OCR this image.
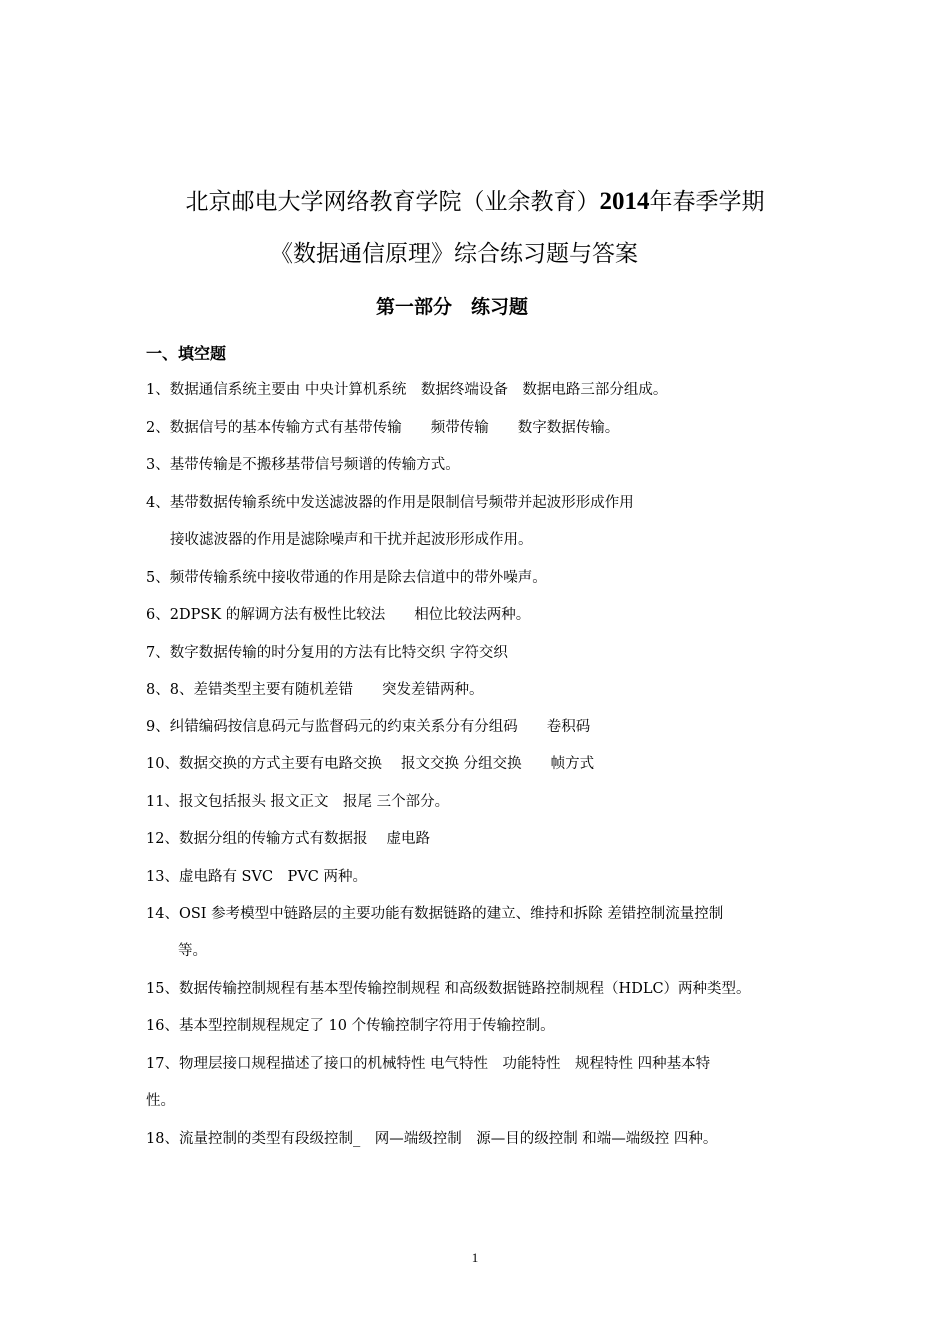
北京邮电大学网络教育学院（业余教育）2014年春季学期
《数据通信原理》综合练习题与答案
第一部分　练习题
一、填空题
1、数据通信系统主要由 中央计算机系统　数据终端设备　数据电路三部分组成。
2、数据信号的基本传输方式有基带传输　　频带传输　　数字数据传输。
3、基带传输是不搬移基带信号频谱的传输方式。
4、基带数据传输系统中发送滤波器的作用是限制信号频带并起波形形成作用
接收滤波器的作用是滤除噪声和干扰并起波形形成作用。
5、频带传输系统中接收带通的作用是除去信道中的带外噪声。
6、2DPSK 的解调方法有极性比较法　　相位比较法两种。
7、数字数据传输的时分复用的方法有比特交织 字符交织
8、8、差错类型主要有随机差错　　突发差错两种。
9、纠错编码按信息码元与监督码元的约束关系分有分组码　　卷积码
10、数据交换的方式主要有电路交换　 报文交换 分组交换　　帧方式
11、报文包括报头 报文正文　报尾 三个部分。
12、数据分组的传输方式有数据报　 虚电路
13、虚电路有 SVC　PVC 两种。
14、OSI 参考模型中链路层的主要功能有数据链路的建立、维持和拆除 差错控制流量控制
等。
15、数据传输控制规程有基本型传输控制规程 和高级数据链路控制规程（HDLC）两种类型。
16、基本型控制规程规定了 10 个传输控制字符用于传输控制。
17、物理层接口规程描述了接口的机械特性 电气特性　功能特性　规程特性 四种基本特
性。
18、流量控制的类型有段级控制_　网—端级控制　源—目的级控制 和端—端级控 四种。
1
